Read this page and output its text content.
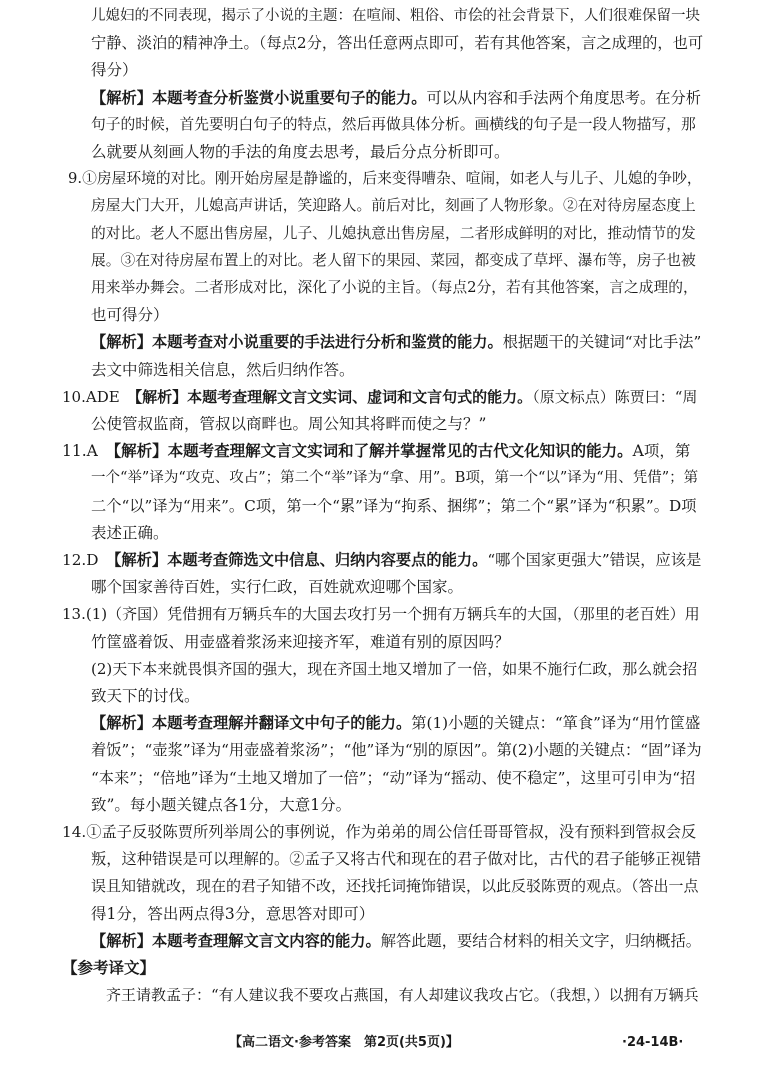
儿媳妇的不同表现，揭示了小说的主题：在喧闹、粗俗、市侩的社会背景下，人们很难保留一块
宁静、淡泊的精神净土。（每点2分，答出任意两点即可，若有其他答案，言之成理的，也可
得分）
【解析】本题考查分析鉴赏小说重要句子的能力。可以从内容和手法两个角度思考。在分析
句子的时候，首先要明白句子的特点，然后再做具体分析。画横线的句子是一段人物描写，那
么就要从刻画人物的手法的角度去思考，最后分点分析即可。
9.①房屋环境的对比。刚开始房屋是静谧的，后来变得嘈杂、喧闹，如老人与儿子、儿媳的争吵，
房屋大门大开，儿媳高声讲话，笑迎路人。前后对比，刻画了人物形象。②在对待房屋态度上
的对比。老人不愿出售房屋，儿子、儿媳执意出售房屋，二者形成鲜明的对比，推动情节的发
展。③在对待房屋布置上的对比。老人留下的果园、菜园，都变成了草坪、瀑布等，房子也被
用来举办舞会。二者形成对比，深化了小说的主旨。（每点2分，若有其他答案，言之成理的，
也可得分）
【解析】本题考查对小说重要的手法进行分析和鉴赏的能力。根据题干的关键词“对比手法”
去文中筛选相关信息，然后归纳作答。
10.ADE　【解析】本题考查理解文言文实词、虚词和文言句式的能力。（原文标点）陈贾曰：“周
公使管叔监商，管叔以商畔也。周公知其将畔而使之与？”
11.A　【解析】本题考查理解文言文实词和了解并掌握常见的古代文化知识的能力。A项，第
一个“举”译为“攻克、攻占”；第二个“举”译为“拿、用”。B项，第一个“以”译为“用、凭借”；第
二个“以”译为“用来”。C项，第一个“累”译为“拘系、捆绑”；第二个“累”译为“积累”。D项
表述正确。
12.D　【解析】本题考查筛选文中信息、归纳内容要点的能力。“哪个国家更强大”错误，应该是
哪个国家善待百姓，实行仁政，百姓就欢迎哪个国家。
13.(1)（齐国）凭借拥有万辆兵车的大国去攻打另一个拥有万辆兵车的大国，（那里的老百姓）用
竹筐盛着饭、用壶盛着浆汤来迎接齐军，难道有别的原因吗？
(2)天下本来就畏惧齐国的强大，现在齐国土地又增加了一倍，如果不施行仁政，那么就会招
致天下的讨伐。
【解析】本题考查理解并翻译文中句子的能力。第(1)小题的关键点：“箪食”译为“用竹筐盛
着饭”；“壶浆”译为“用壶盛着浆汤”；“他”译为“别的原因”。第(2)小题的关键点：“固”译为
“本来”；“倍地”译为“土地又增加了一倍”；“动”译为“摇动、使不稳定”，这里可引申为“招
致”。每小题关键点各1分，大意1分。
14.①孟子反驳陈贾所列举周公的事例说，作为弟弟的周公信任哥哥管叔，没有预料到管叔会反
叛，这种错误是可以理解的。②孟子又将古代和现在的君子做对比，古代的君子能够正视错
误且知错就改，现在的君子知错不改，还找托词掩饰错误，以此反驳陈贾的观点。（答出一点
得1分，答出两点得3分，意思答对即可）
【解析】本题考查理解文言文内容的能力。解答此题，要结合材料的相关文字，归纳概括。
【参考译文】
齐王请教孟子：“有人建议我不要攻占燕国，有人却建议我攻占它。（我想，）以拥有万辆兵
【高二语文·参考答案　第2页(共5页)】	·24-14B·
